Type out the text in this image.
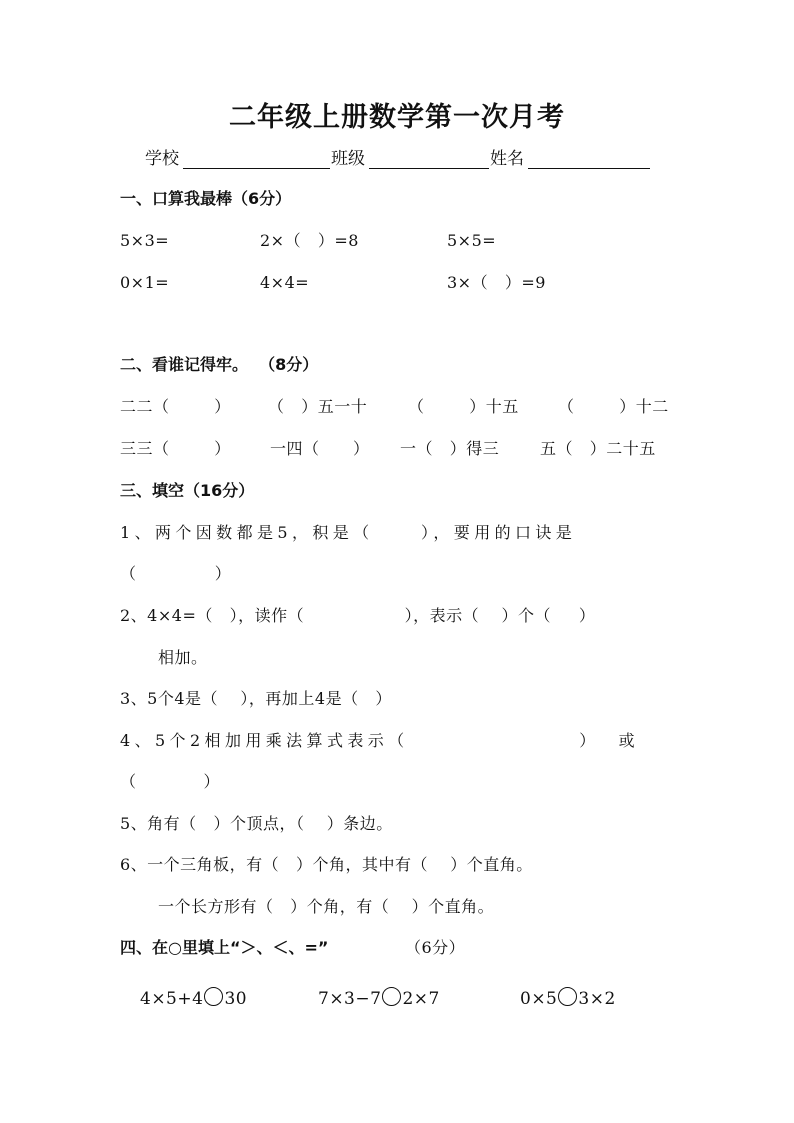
二年级上册数学第一次月考
学校	班级	姓名
一、口算我最棒（6分）
5×3=	2×（   ）=8	5×5=
0×1=	4×4=	3×（   ）=9
二、看谁记得牢。  （8分）
二二（        ） （   ）五一十	（        ）十五 （        ）十二
三三（        ） 一四（      ） 一（   ）得三	五（   ）二十五
三、填空（16分）
1、两个因数都是5，积是（     ），要用的口诀是
（              ）
2、4×4=（   ），读作（                  ），表示（    ）个（     ）
相加。
3、5个4是（    ），再加上4是（   ）
4、5个2相加用乘法算式表示（                  ）  或
（            ）
5、角有（   ）个顶点，（    ）条边。
6、一个三角板，有（   ）个角，其中有（    ）个直角。
一个长方形有（   ）个角，有（    ）个直角。
四、在○里填上“＞、＜、=”	（6分）
4×5+4 30	7×3−7 2×7	0×5 3×2
